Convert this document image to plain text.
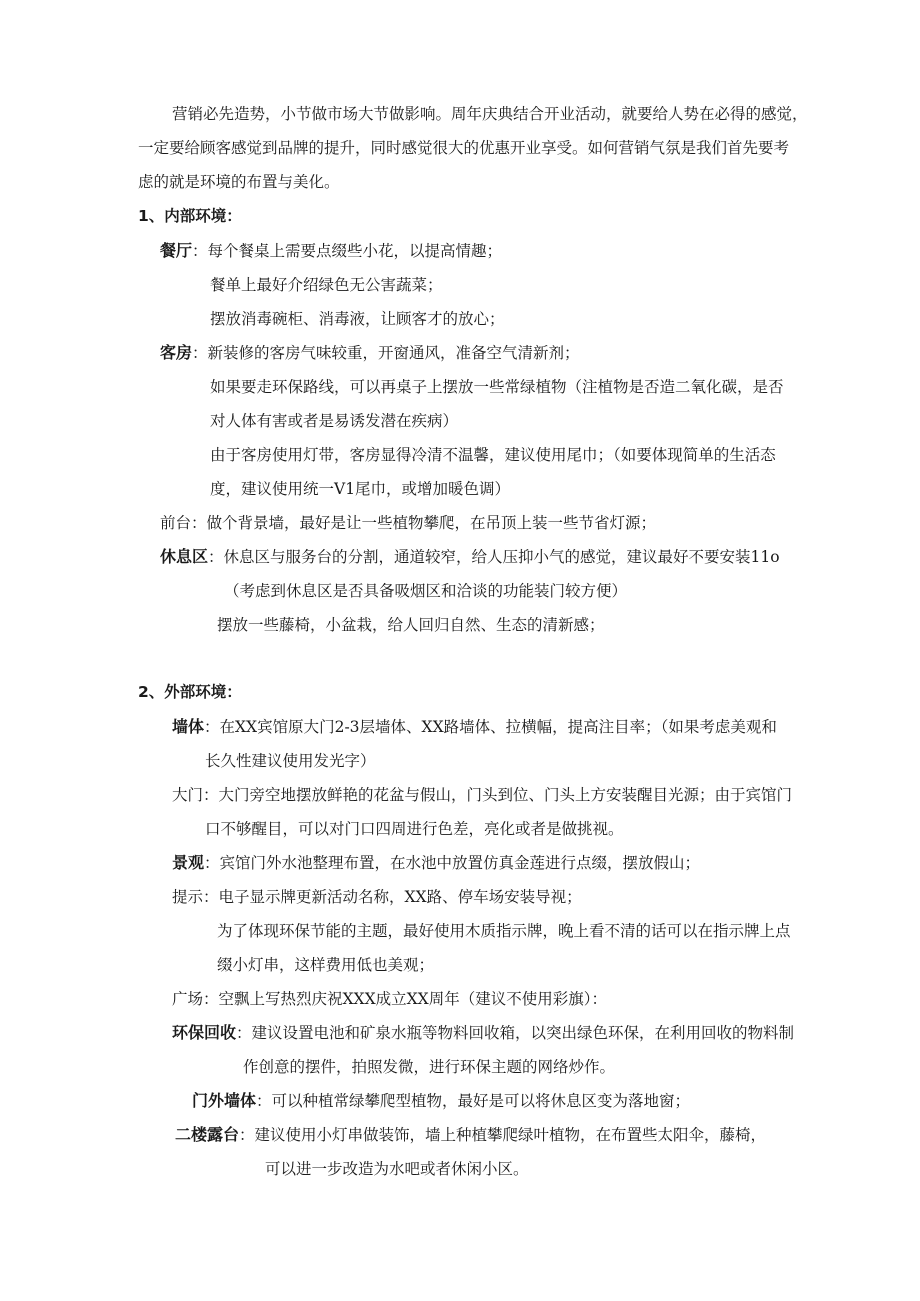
营销必先造势，小节做市场大节做影响。周年庆典结合开业活动，就要给人势在必得的感觉，
一定要给顾客感觉到品牌的提升，同时感觉很大的优惠开业享受。如何营销气氛是我们首先要考
虑的就是环境的布置与美化。
1、内部环境：
餐厅：每个餐桌上需要点缀些小花，以提高情趣；
餐单上最好介绍绿色无公害蔬菜；
摆放消毒碗柜、消毒液，让顾客才的放心；
客房：新装修的客房气味较重，开窗通风，准备空气清新剂；
如果要走环保路线，可以再桌子上摆放一些常绿植物（注植物是否造二氧化碳，是否
对人体有害或者是易诱发潜在疾病）
由于客房使用灯带，客房显得冷清不温馨，建议使用尾巾；（如要体现简单的生活态
度，建议使用统一V1尾巾，或增加暖色调）
前台：做个背景墙，最好是让一些植物攀爬，在吊顶上装一些节省灯源；
休息区：休息区与服务台的分割，通道较窄，给人压抑小气的感觉，建议最好不要安装11o
（考虑到休息区是否具备吸烟区和洽谈的功能装门较方便）
摆放一些藤椅，小盆栽，给人回归自然、生态的清新感；
2、外部环境：
墙体：在XX宾馆原大门2-3层墙体、XX路墙体、拉横幅，提高注目率；（如果考虑美观和
长久性建议使用发光字）
大门：大门旁空地摆放鲜艳的花盆与假山，门头到位、门头上方安装醒目光源；由于宾馆门
口不够醒目，可以对门口四周进行色差，亮化或者是做挑视。
景观：宾馆门外水池整理布置，在水池中放置仿真金莲进行点缀，摆放假山；
提示：电子显示牌更新活动名称，XX路、停车场安装导视；
为了体现环保节能的主题，最好使用木质指示牌，晚上看不清的话可以在指示牌上点
缀小灯串，这样费用低也美观；
广场：空飘上写热烈庆祝XXX成立XX周年（建议不使用彩旗）：
环保回收：建议设置电池和矿泉水瓶等物料回收箱，以突出绿色环保，在利用回收的物料制
作创意的摆件，拍照发微，进行环保主题的网络炒作。
门外墙体：可以种植常绿攀爬型植物，最好是可以将休息区变为落地窗；
二楼露台：建议使用小灯串做装饰，墙上种植攀爬绿叶植物，在布置些太阳伞，藤椅，
可以进一步改造为水吧或者休闲小区。
